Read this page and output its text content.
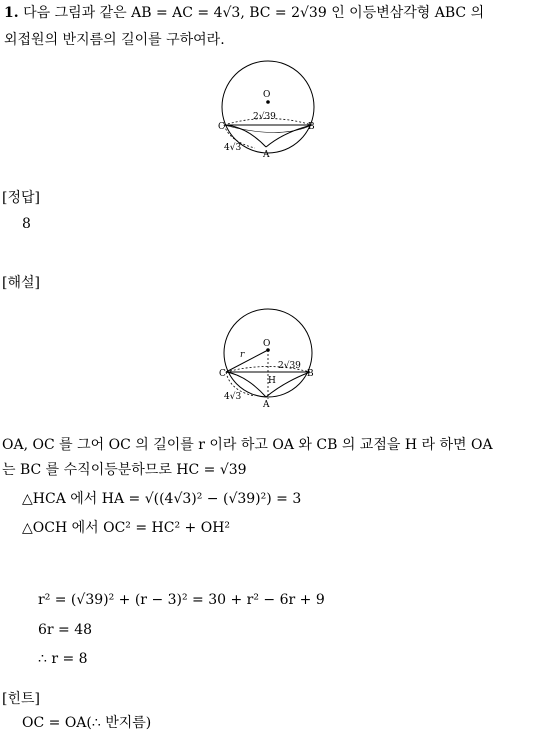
1. 다음 그림과 같은 AB = AC = 4√3, BC = 2√39 인 이등변삼각형 ABC 의
외접원의 반지름의 길이를 구하여라.
O
C	B
A
2√39
4√3
[정답]
8
[해설]
O
r
C	B
H
A
2√39
4√3
OA, OC 를 그어 OC 의 길이를 r 이라 하고 OA 와 CB 의 교점을 H 라 하면 OA
는 BC 를 수직이등분하므로 HC = √39
△HCA 에서 HA = √((4√3)² − (√39)²) = 3
△OCH 에서 OC² = HC² + OH²
r² = (√39)² + (r − 3)² = 30 + r² − 6r + 9
6r = 48
∴ r = 8
[힌트]
OC = OA(∴ 반지름)
